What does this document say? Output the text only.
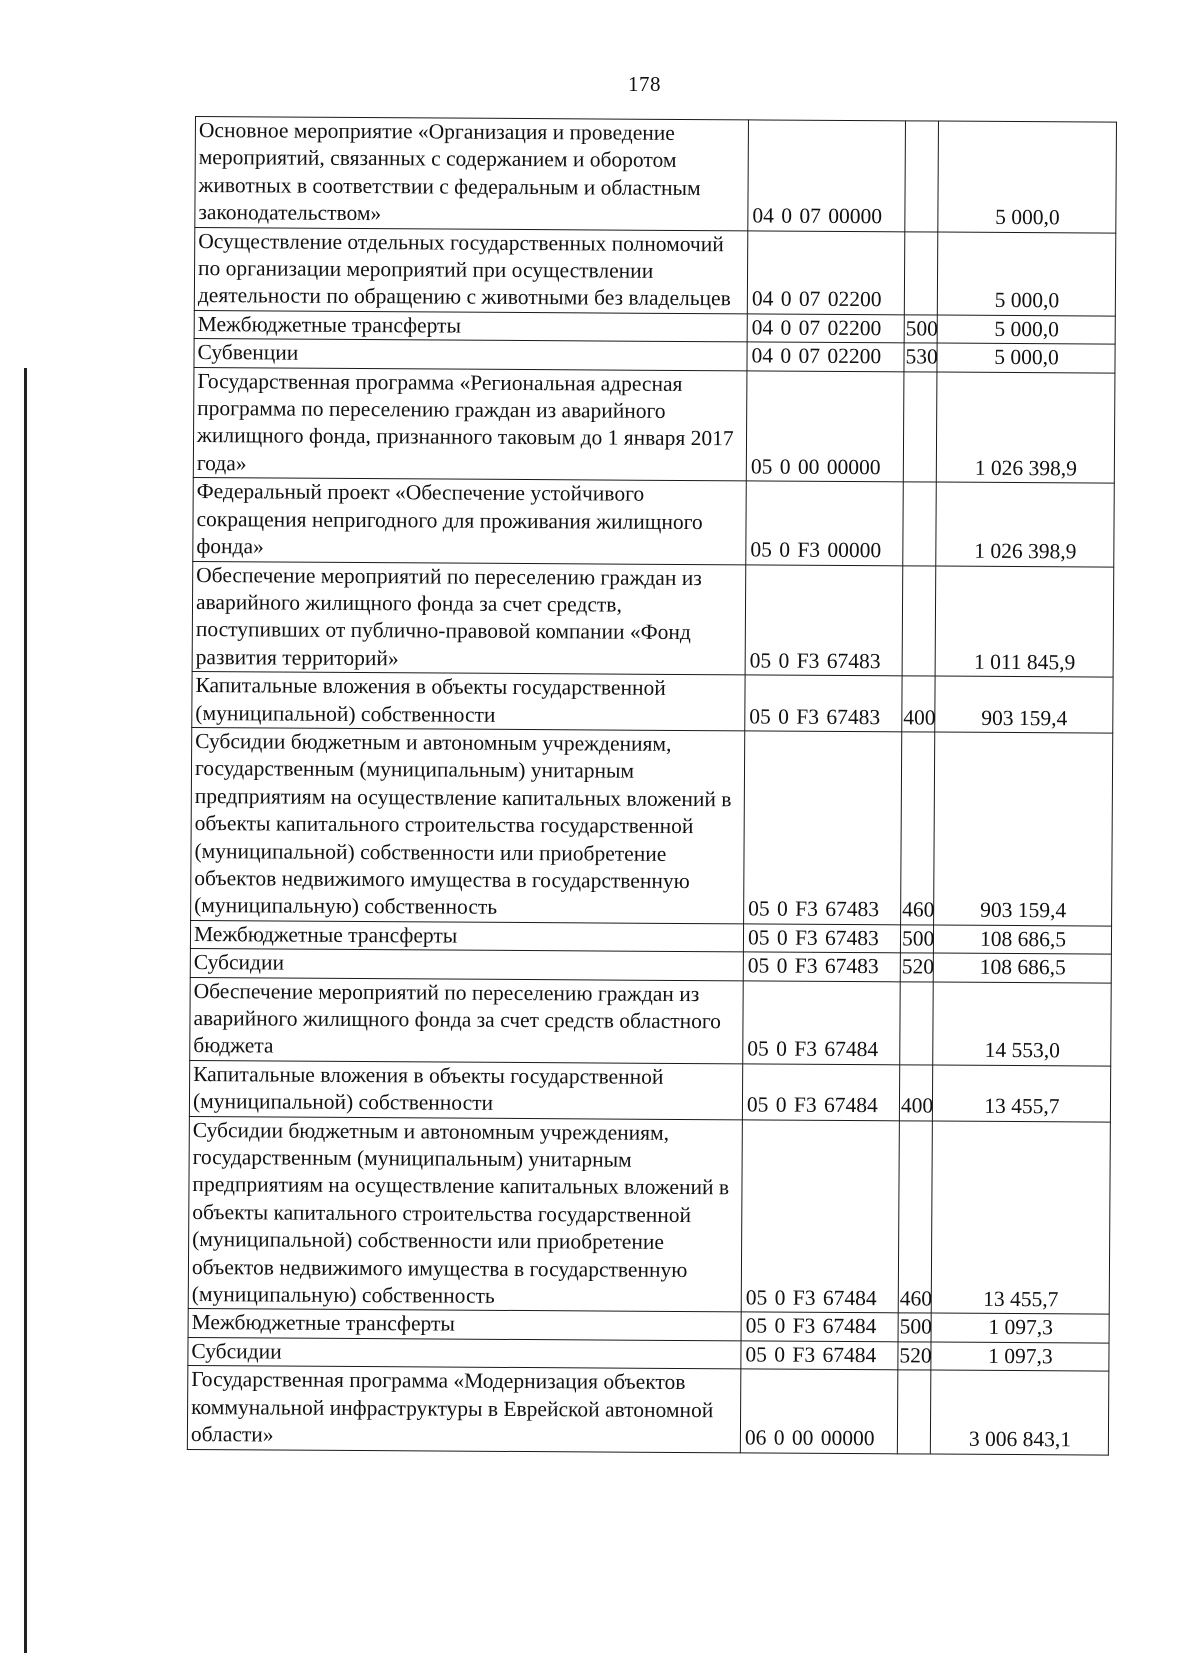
178
Основное мероприятие «Организация и проведение мероприятий, связанных с содержанием и оборотом животных в соответствии с федеральным и областным законодательством»	04 0 07 00000		5 000,0
Осуществление отдельных государственных полномочий по организации мероприятий при осуществлении деятельности по обращению с животными без владельцев	04 0 07 02200		5 000,0
Межбюджетные трансферты	04 0 07 02200	500	5 000,0
Субвенции	04 0 07 02200	530	5 000,0
Государственная программа «Региональная адресная программа по переселению граждан из аварийного жилищного фонда, признанного таковым до 1 января 2017 года»	05 0 00 00000		1 026 398,9
Федеральный проект «Обеспечение устойчивого сокращения непригодного для проживания жилищного фонда»	05 0 F3 00000		1 026 398,9
Обеспечение мероприятий по переселению граждан из аварийного жилищного фонда за счет средств, поступивших от публично-правовой компании «Фонд развития территорий»	05 0 F3 67483		1 011 845,9
Капитальные вложения в объекты государственной (муниципальной) собственности	05 0 F3 67483	400	903 159,4
Субсидии бюджетным и автономным учреждениям, государственным (муниципальным) унитарным предприятиям на осуществление капитальных вложений в объекты капитального строительства государственной (муниципальной) собственности или приобретение объектов недвижимого имущества в государственную (муниципальную) собственность	05 0 F3 67483	460	903 159,4
Межбюджетные трансферты	05 0 F3 67483	500	108 686,5
Субсидии	05 0 F3 67483	520	108 686,5
Обеспечение мероприятий по переселению граждан из аварийного жилищного фонда за счет средств областного бюджета	05 0 F3 67484		14 553,0
Капитальные вложения в объекты государственной (муниципальной) собственности	05 0 F3 67484	400	13 455,7
Субсидии бюджетным и автономным учреждениям, государственным (муниципальным) унитарным предприятиям на осуществление капитальных вложений в объекты капитального строительства государственной (муниципальной) собственности или приобретение объектов недвижимого имущества в государственную (муниципальную) собственность	05 0 F3 67484	460	13 455,7
Межбюджетные трансферты	05 0 F3 67484	500	1 097,3
Субсидии	05 0 F3 67484	520	1 097,3
Государственная программа «Модернизация объектов коммунальной инфраструктуры в Еврейской автономной области»	06 0 00 00000		3 006 843,1
